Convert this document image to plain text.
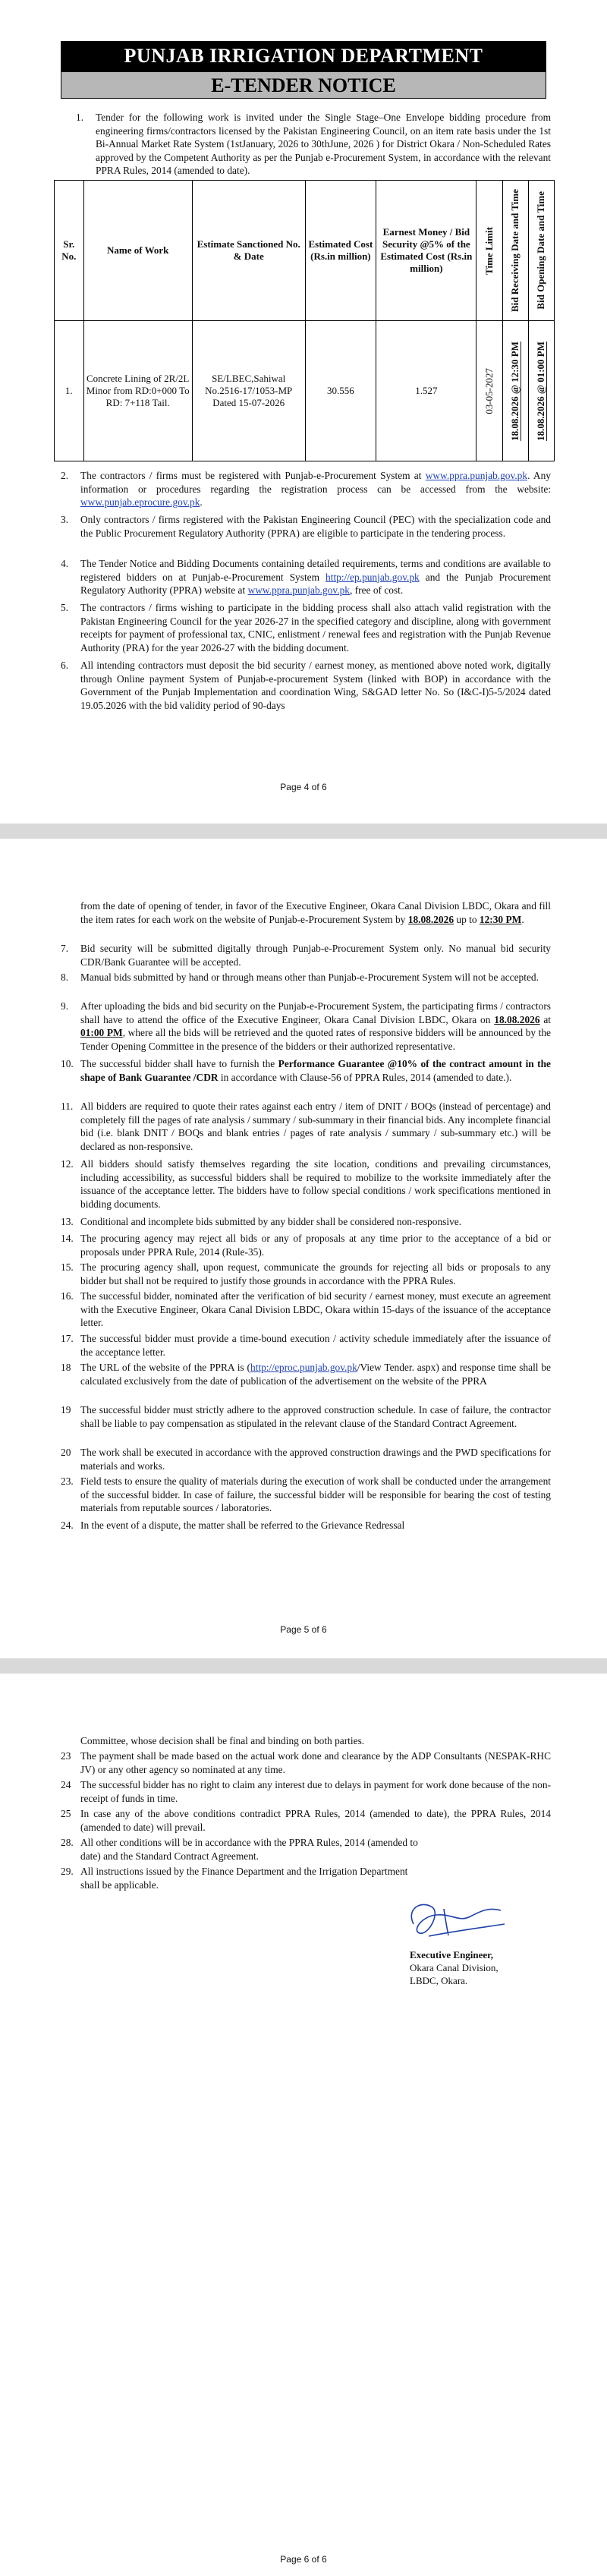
PUNJAB IRRIGATION DEPARTMENT
E-TENDER NOTICE
1. Tender for the following work is invited under the Single Stage–One Envelope bidding procedure from engineering firms/contractors licensed by the Pakistan Engineering Council, on an item rate basis under the 1st Bi-Annual Market Rate System (1stJanuary, 2026 to 30thJune, 2026 ) for District Okara / Non-Scheduled Rates approved by the Competent Authority as per the Punjab e-Procurement System, in accordance with the relevant PPRA Rules, 2014 (amended to date).
Sr. No.	Name of Work	Estimate Sanctioned No. & Date	Estimated Cost (Rs.in million)	Earnest Money / Bid Security @5% of the Estimated Cost (Rs.in million)	Time Limit	Bid Receiving Date and Time	Bid Opening Date and Time

1.	Concrete Lining of 2R/2L Minor from RD:0+000 To RD: 7+118 Tail.	SE/LBEC,Sahiwal No.2516-17/1053-MP Dated 15-07-2026	30.556	1.527	03-05-2027	18.08.2026 @ 12:30 PM	18.08.2026 @ 01:00 PM
2. The contractors / firms must be registered with Punjab-e-Procurement System at www.ppra.punjab.gov.pk. Any information or procedures regarding the registration process can be accessed from the website: www.punjab.eprocure.gov.pk.
3. Only contractors / firms registered with the Pakistan Engineering Council (PEC) with the specialization code and the Public Procurement Regulatory Authority (PPRA) are eligible to participate in the tendering process.
4. The Tender Notice and Bidding Documents containing detailed requirements, terms and conditions are available to registered bidders on at Punjab-e-Procurement System http://ep.punjab.gov.pk and the Punjab Procurement Regulatory Authority (PPRA) website at www.ppra.punjab.gov.pk, free of cost.
5. The contractors / firms wishing to participate in the bidding process shall also attach valid registration with the Pakistan Engineering Council for the year 2026-27 in the specified category and discipline, along with government receipts for payment of professional tax, CNIC, enlistment / renewal fees and registration with the Punjab Revenue Authority (PRA) for the year 2026-27 with the bidding document.
6. All intending contractors must deposit the bid security / earnest money, as mentioned above noted work, digitally through Online payment System of Punjab-e-procurement System (linked with BOP) in accordance with the Government of the Punjab Implementation and coordination Wing, S&GAD letter No. So (I&C-I)5-5/2024 dated 19.05.2026 with the bid validity period of 90-days
Page 4 of 6
from the date of opening of tender, in favor of the Executive Engineer, Okara Canal Division LBDC, Okara and fill the item rates for each work on the website of Punjab-e-Procurement System by 18.08.2026 up to 12:30 PM.
7. Bid security will be submitted digitally through Punjab-e-Procurement System only. No manual bid security CDR/Bank Guarantee will be accepted.
8. Manual bids submitted by hand or through means other than Punjab-e-Procurement System will not be accepted.
9. After uploading the bids and bid security on the Punjab-e-Procurement System, the participating firms / contractors shall have to attend the office of the Executive Engineer, Okara Canal Division LBDC, Okara on 18.08.2026 at 01:00 PM, where all the bids will be retrieved and the quoted rates of responsive bidders will be announced by the Tender Opening Committee in the presence of the bidders or their authorized representative.
10. The successful bidder shall have to furnish the Performance Guarantee @10% of the contract amount in the shape of Bank Guarantee /CDR in accordance with Clause-56 of PPRA Rules, 2014 (amended to date.).
11. All bidders are required to quote their rates against each entry / item of DNIT / BOQs (instead of percentage) and completely fill the pages of rate analysis / summary / sub-summary in their financial bids. Any incomplete financial bid (i.e. blank DNIT / BOQs and blank entries / pages of rate analysis / summary / sub-summary etc.) will be declared as non-responsive.
12. All bidders should satisfy themselves regarding the site location, conditions and prevailing circumstances, including accessibility, as successful bidders shall be required to mobilize to the worksite immediately after the issuance of the acceptance letter. The bidders have to follow special conditions / work specifications mentioned in bidding documents.
13. Conditional and incomplete bids submitted by any bidder shall be considered non-responsive.
14. The procuring agency may reject all bids or any of proposals at any time prior to the acceptance of a bid or proposals under PPRA Rule, 2014 (Rule-35).
15. The procuring agency shall, upon request, communicate the grounds for rejecting all bids or proposals to any bidder but shall not be required to justify those grounds in accordance with the PPRA Rules.
16. The successful bidder, nominated after the verification of bid security / earnest money, must execute an agreement with the Executive Engineer, Okara Canal Division LBDC, Okara within 15-days of the issuance of the acceptance letter.
17. The successful bidder must provide a time-bound execution / activity schedule immediately after the issuance of the acceptance letter.
18 The URL of the website of the PPRA is (http://eproc.punjab.gov.pk/View Tender. aspx) and response time shall be calculated exclusively from the date of publication of the advertisement on the website of the PPRA
19 The successful bidder must strictly adhere to the approved construction schedule. In case of failure, the contractor shall be liable to pay compensation as stipulated in the relevant clause of the Standard Contract Agreement.
20 The work shall be executed in accordance with the approved construction drawings and the PWD specifications for materials and works.
23. Field tests to ensure the quality of materials during the execution of work shall be conducted under the arrangement of the successful bidder. In case of failure, the successful bidder will be responsible for bearing the cost of testing materials from reputable sources / laboratories.
24. In the event of a dispute, the matter shall be referred to the Grievance Redressal
Page 5 of 6
Committee, whose decision shall be final and binding on both parties.
23 The payment shall be made based on the actual work done and clearance by the ADP Consultants (NESPAK-RHC JV) or any other agency so nominated at any time.
24 The successful bidder has no right to claim any interest due to delays in payment for work done because of the non-receipt of funds in time.
25 In case any of the above conditions contradict PPRA Rules, 2014 (amended to date), the PPRA Rules, 2014 (amended to date) will prevail.
28. All other conditions will be in accordance with the PPRA Rules, 2014 (amended to date) and the Standard Contract Agreement.
29. All instructions issued by the Finance Department and the Irrigation Department shall be applicable.
Executive Engineer,
Okara Canal Division,
LBDC, Okara.
Page 6 of 6
